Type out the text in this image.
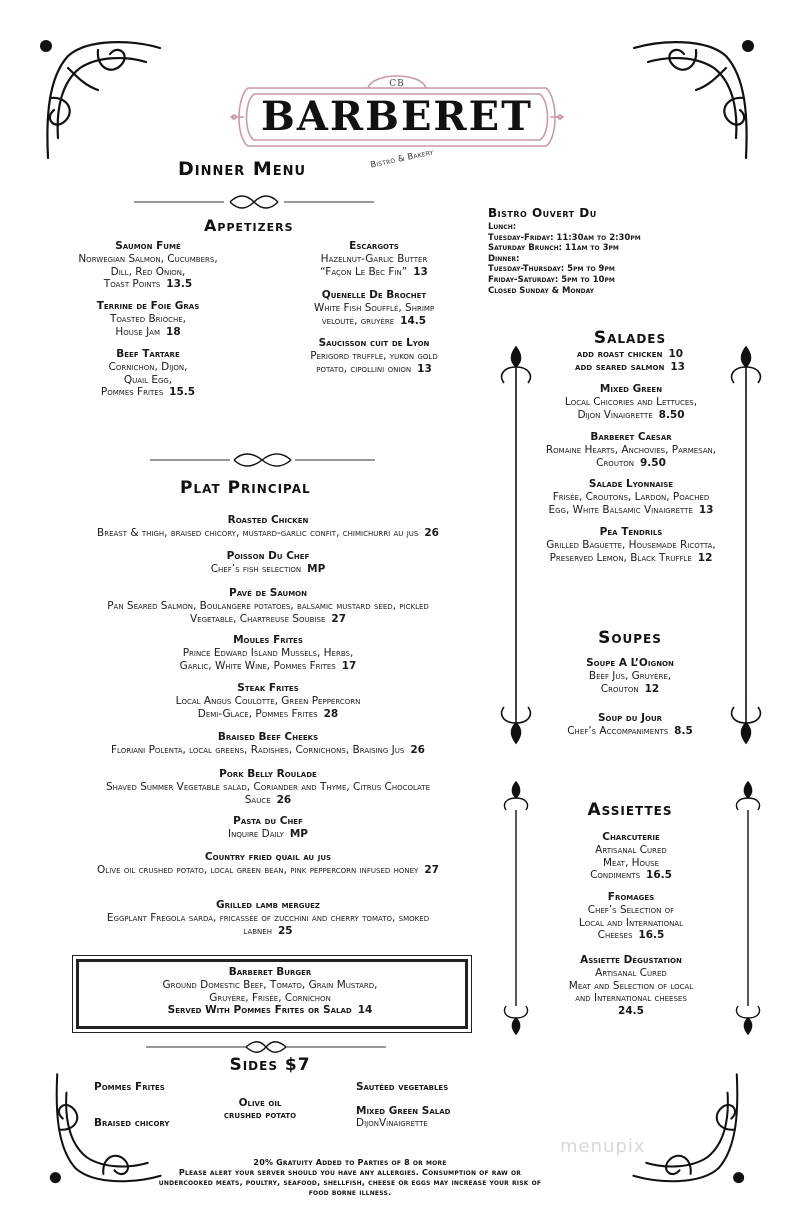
CB
BARBERET
Bistro & Bakery
Dinner Menu
Appetizers
Bistro Ouvert Du
Lunch:
Tuesday-Friday: 11:30am to 2:30pm
Saturday Brunch: 11am to 3pm
Dinner:
Tuesday-Thursday: 5pm to 9pm
Friday-Saturday: 5pm to 10pm
Closed Sunday & Monday
Plat Principal
Barberet Burger
Ground Domestic Beef, Tomato, Grain Mustard,
Gruyère, Frisée, Cornichon
Served With Pommes Frites or Salad 14
Salades
add roast chicken 10
add seared salmon 13
Soupes
Assiettes
Sides $7
Pommes Frites
Braised chicory
Olive oil
crushed potato
Sautéed vegetables
Mixed Green Salad
DijonVinaigrette
20% Gratuity Added to Parties of 8 or more
Please alert your server should you have any allergies. Consumption of raw or
undercooked meats, poultry, seafood, shellfish, cheese or eggs may increase your risk of
food borne illness.
menupix
Saumon Fumé
Norwegian Salmon, Cucumbers,
Dill, Red Onion,
Toast Points 13.5
Terrine de Foie Gras
Toasted Brioche,
House Jam 18
Beef Tartare
Cornichon, Dijon,
Quail Egg,
Pommes Frites 15.5
Escargots
Hazelnut-Garlic Butter
“Façon Le Bec Fin” 13
Quenelle De Brochet
White Fish Soufflé, Shrimp
velouté, gruyère 14.5
Saucisson cuit de Lyon
Perigord truffle, yukon gold
potato, cipollini onion 13
Roasted Chicken
Breast & thigh, braised chicory, mustard-garlic confit, chimichurri au jus 26
Poisson Du Chef
Chef’s fish selection MP
Pavé de Saumon
Pan Seared Salmon, Boulangere potatoes, balsamic mustard seed, pickled
Vegetable, Chartreuse Soubise 27
Moules Frites
Prince Edward Island Mussels, Herbs,
Garlic, White Wine, Pommes Frites 17
Steak Frites
Local Angus Coulotte, Green Peppercorn
Demi-Glace, Pommes Frites 28
Braised Beef Cheeks
Floriani Polenta, local greens, Radishes, Cornichons, Braising Jus 26
Pork Belly Roulade
Shaved Summer Vegetable salad, Coriander and Thyme, Citrus Chocolate
Sauce 26
Pasta du Chef
Inquire Daily MP
Country fried quail au jus
Olive oil crushed potato, local green bean, pink peppercorn infused honey 27
Grilled lamb merguez
Eggplant Fregola sarda, fricassée of zucchini and cherry tomato, smoked
labneh 25
Mixed Green
Local Chicories and Lettuces,
Dijon Vinaigrette 8.50
Barberet Caesar
Romaine Hearts, Anchovies, Parmesan,
Crouton 9.50
Salade Lyonnaise
Frisée, Croutons, Lardon, Poached
Egg, White Balsamic Vinaigrette 13
Pea Tendrils
Grilled Baguette, Housemade Ricotta,
Preserved Lemon, Black Truffle 12
Soupe A L’Oignon
Beef Jus, Gruyère,
Crouton 12
Soup du Jour
Chef’s Accompaniments 8.5
Charcuterie
Artisanal Cured
Meat, House
Condiments 16.5
Fromages
Chef’s Selection of
Local and International
Cheeses 16.5
Assiette Dégustation
Artisanal Cured
Meat and Selection of local
and International cheeses
24.5
